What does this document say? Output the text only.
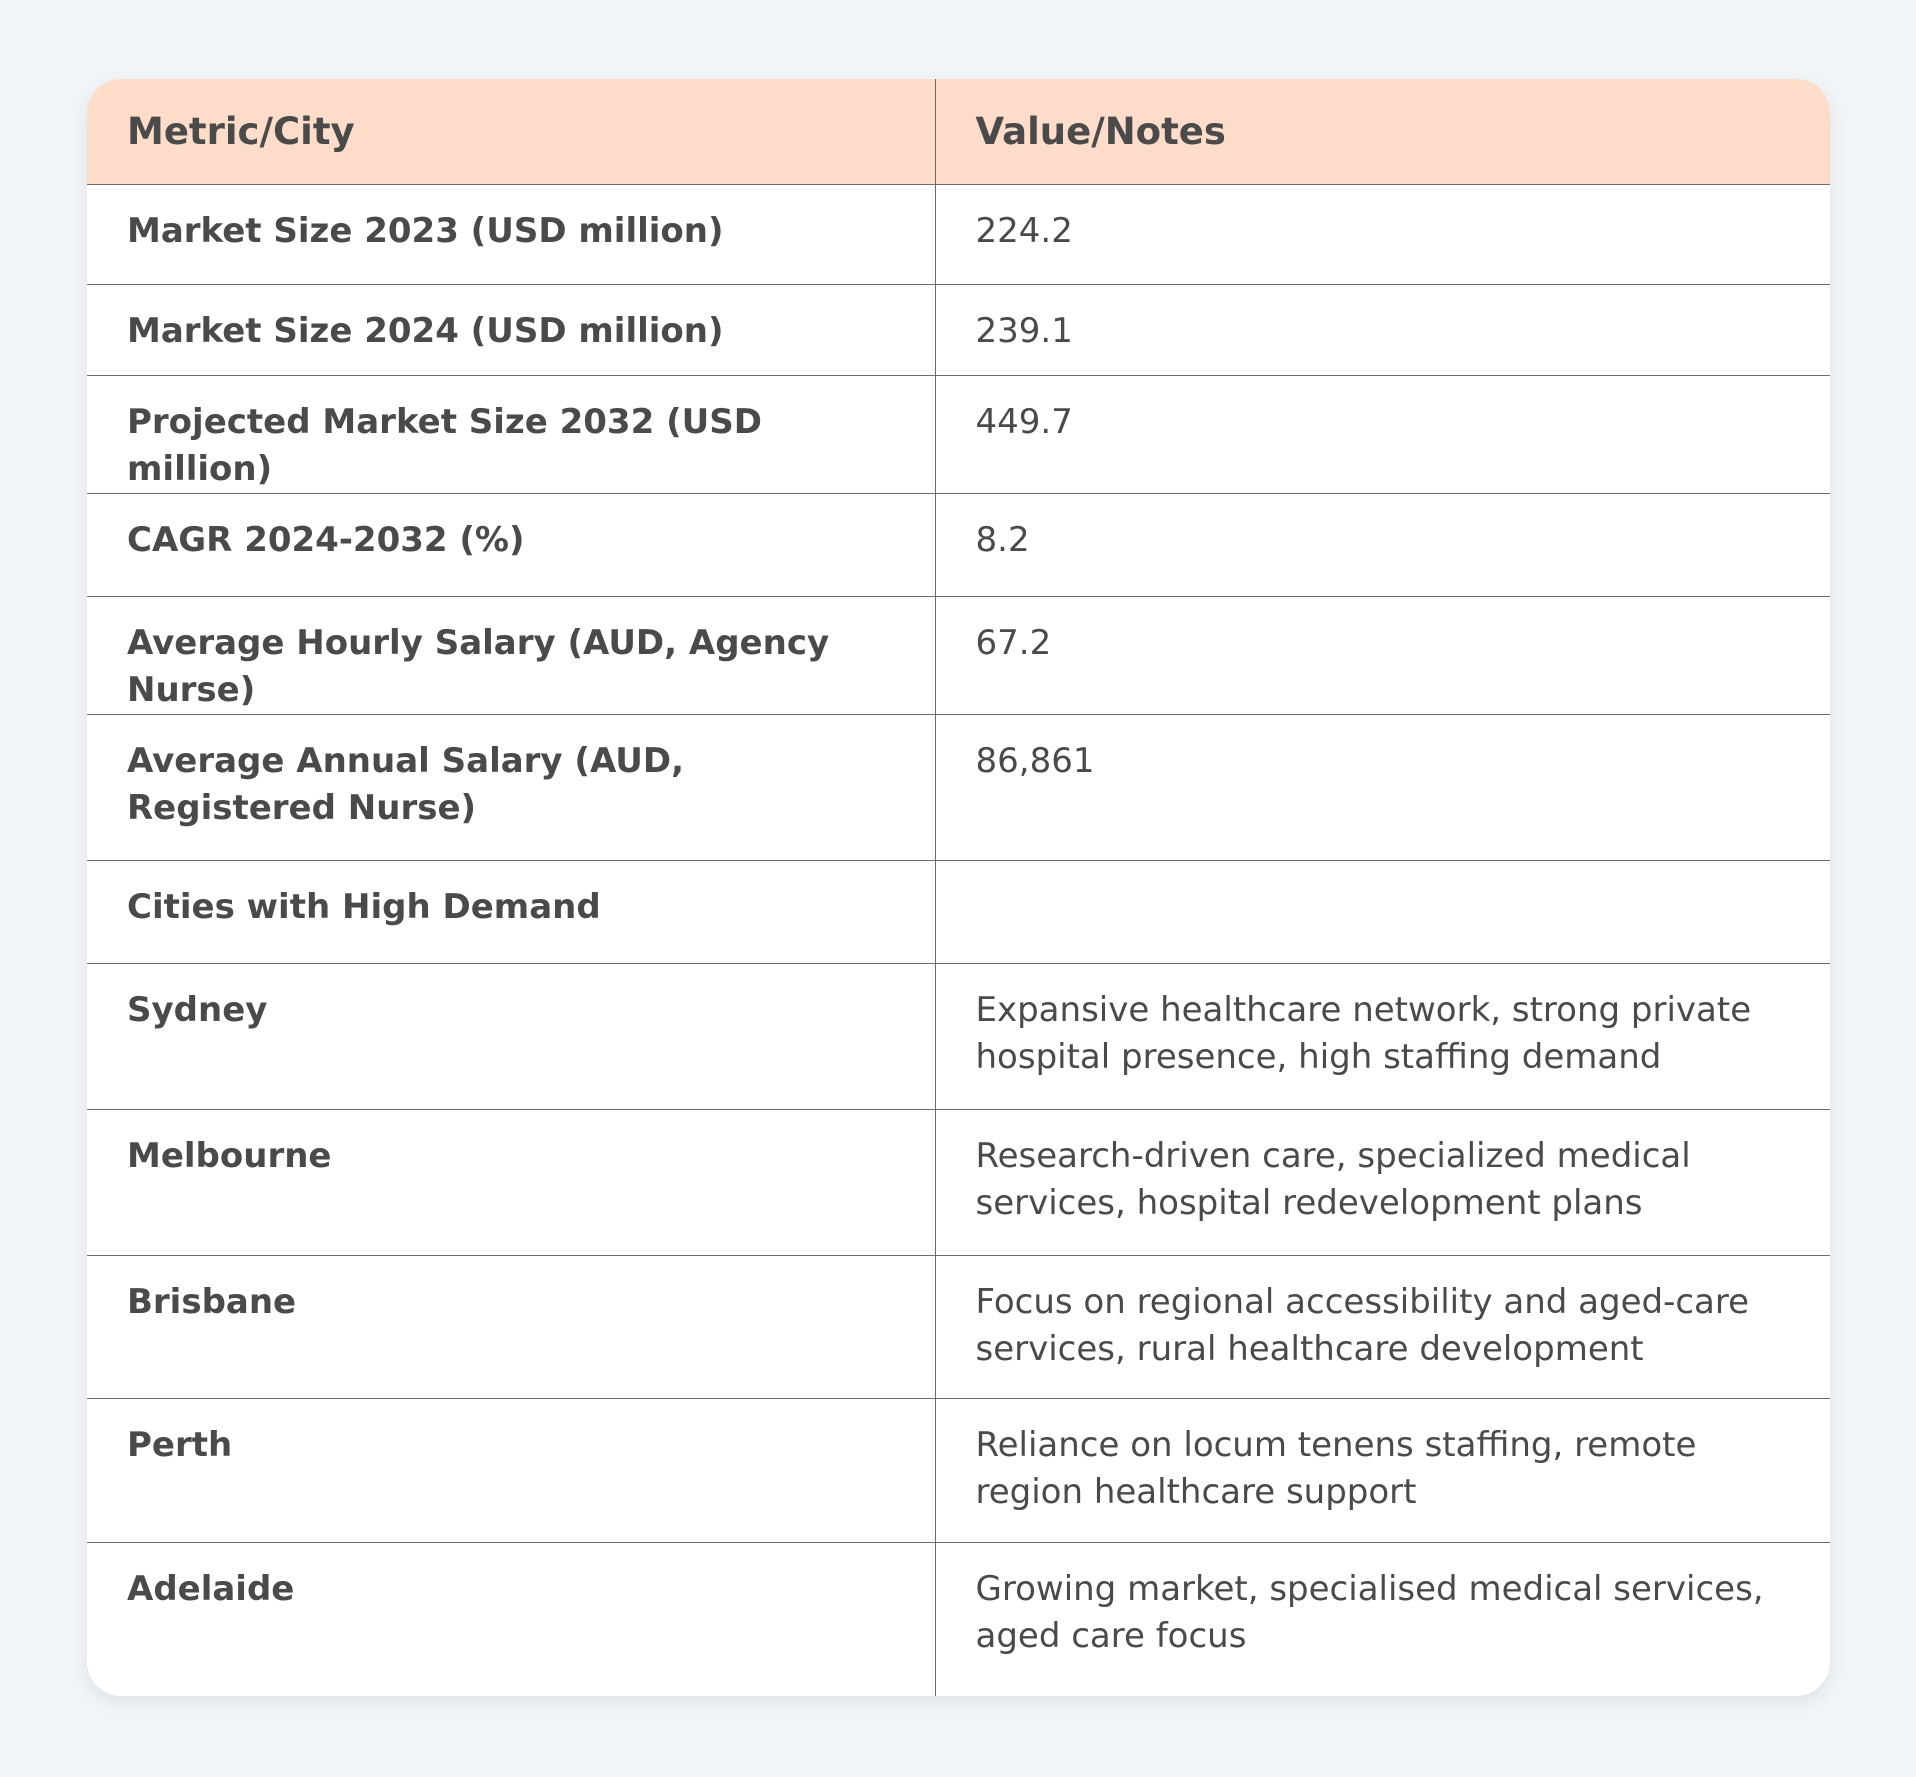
Metric/City	Value/Notes
Market Size 2023 (USD million)	224.2
Market Size 2024 (USD million)	239.1
Projected Market Size 2032 (USD million)	449.7
CAGR 2024-2032 (%)	8.2
Average Hourly Salary (AUD, Agency Nurse)	67.2
Average Annual Salary (AUD, Registered Nurse)	86,861
Cities with High Demand	
Sydney	Expansive healthcare network, strong private hospital presence, high staffing demand
Melbourne	Research-driven care, specialized medical services, hospital redevelopment plans
Brisbane	Focus on regional accessibility and aged-care services, rural healthcare development
Perth	Reliance on locum tenens staffing, remote region healthcare support
Adelaide	Growing market, specialised medical services, aged care focus
